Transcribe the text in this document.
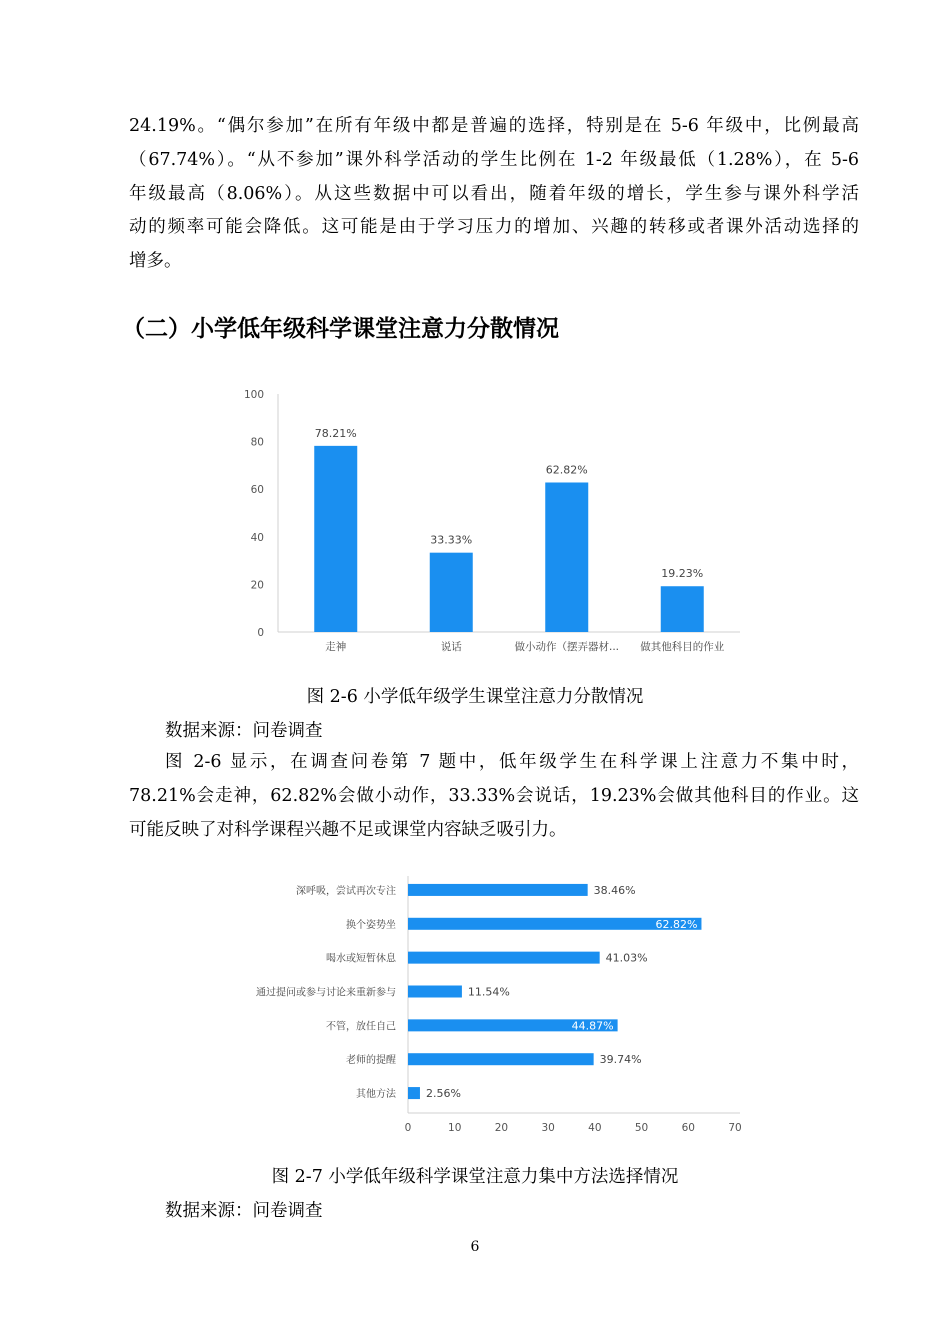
24.19%。“偶尔参加”在所有年级中都是普遍的选择，特别是在 5-6 年级中，比例最高
（67.74%）。“从不参加”课外科学活动的学生比例在 1-2 年级最低（1.28%），在 5-6
年级最高（8.06%）。从这些数据中可以看出，随着年级的增长，学生参与课外科学活
动的频率可能会降低。这可能是由于学习压力的增加、兴趣的转移或者课外活动选择的
增多。
（二）小学低年级科学课堂注意力分散情况
0
20
40
60
80
100
78.21%
走神
33.33%
说话
62.82%
做小动作（摆弄器材...
19.23%
做其他科目的作业
图 2-6 小学低年级学生课堂注意力分散情况
数据来源：问卷调查
图 2-6 显示，在调查问卷第 7 题中，低年级学生在科学课上注意力不集中时，
78.21%会走神，62.82%会做小动作，33.33%会说话，19.23%会做其他科目的作业。这
可能反映了对科学课程兴趣不足或课堂内容缺乏吸引力。
0	10	20	30	40	50	60	70
深呼吸，尝试再次专注	38.46%
换个姿势坐	62.82%
喝水或短暂休息	41.03%
通过提问或参与讨论来重新参与	11.54%
不管，放任自己	44.87%
老师的提醒	39.74%
其他方法	2.56%
图 2-7 小学低年级科学课堂注意力集中方法选择情况
数据来源：问卷调查
6
